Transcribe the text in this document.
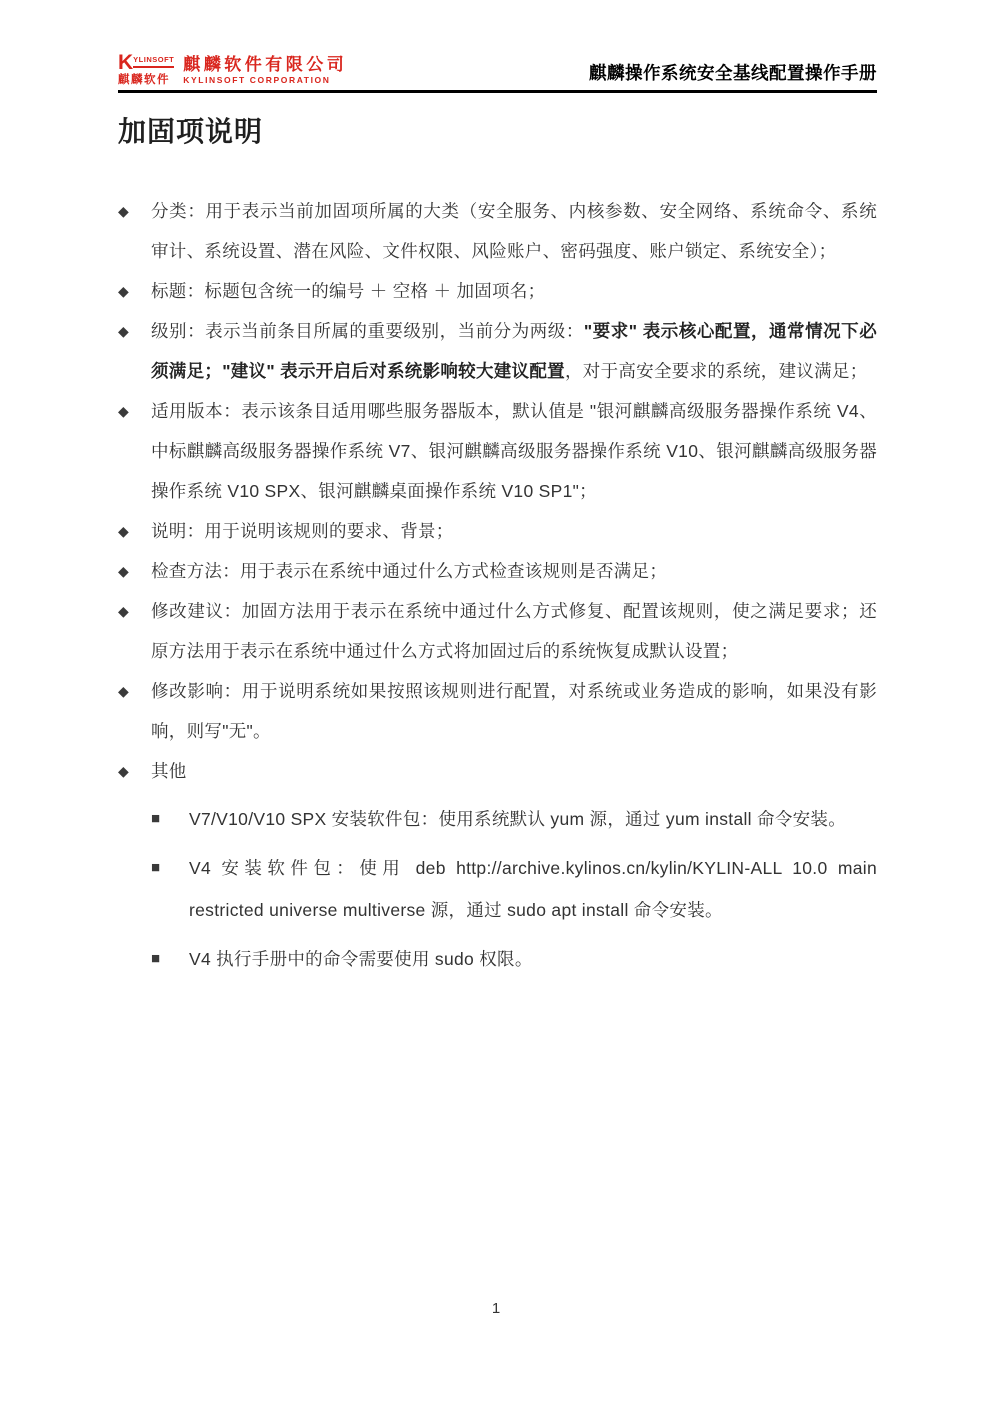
K YLINSOFT
麒麟软件
麒麟软件有限公司
KYLINSOFT CORPORATION	麒麟操作系统安全基线配置操作手册
加固项说明
◆	分类：用于表示当前加固项所属的大类（安全服务、内核参数、安全网络、系统命令、系统审计、系统设置、潜在风险、文件权限、风险账户、密码强度、账户锁定、系统安全）；
◆	标题：标题包含统一的编号 ＋ 空格 ＋ 加固项名；
◆	级别：表示当前条目所属的重要级别，当前分为两级："要求" 表示核心配置，通常情况下必须满足；"建议" 表示开启后对系统影响较大建议配置，对于高安全要求的系统，建议满足；
◆	适用版本：表示该条目适用哪些服务器版本，默认值是 "银河麒麟高级服务器操作系统 V4、中标麒麟高级服务器操作系统 V7、银河麒麟高级服务器操作系统 V10、银河麒麟高级服务器操作系统 V10 SPX、银河麒麟桌面操作系统 V10 SP1"；
◆	说明：用于说明该规则的要求、背景；
◆	检查方法：用于表示在系统中通过什么方式检查该规则是否满足；
◆	修改建议：加固方法用于表示在系统中通过什么方式修复、配置该规则，使之满足要求；还原方法用于表示在系统中通过什么方式将加固过后的系统恢复成默认设置；
◆	修改影响：用于说明系统如果按照该规则进行配置，对系统或业务造成的影响，如果没有影响，则写"无"。
◆	其他
■	V7/V10/V10 SPX 安装软件包：使用系统默认 yum 源，通过 yum install 命令安装。
■	V4 安装软件包：使用 deb http://archive.kylinos.cn/kylin/KYLIN-ALL 10.0 main restricted universe multiverse 源，通过 sudo apt install 命令安装。
■	V4 执行手册中的命令需要使用 sudo 权限。
1
